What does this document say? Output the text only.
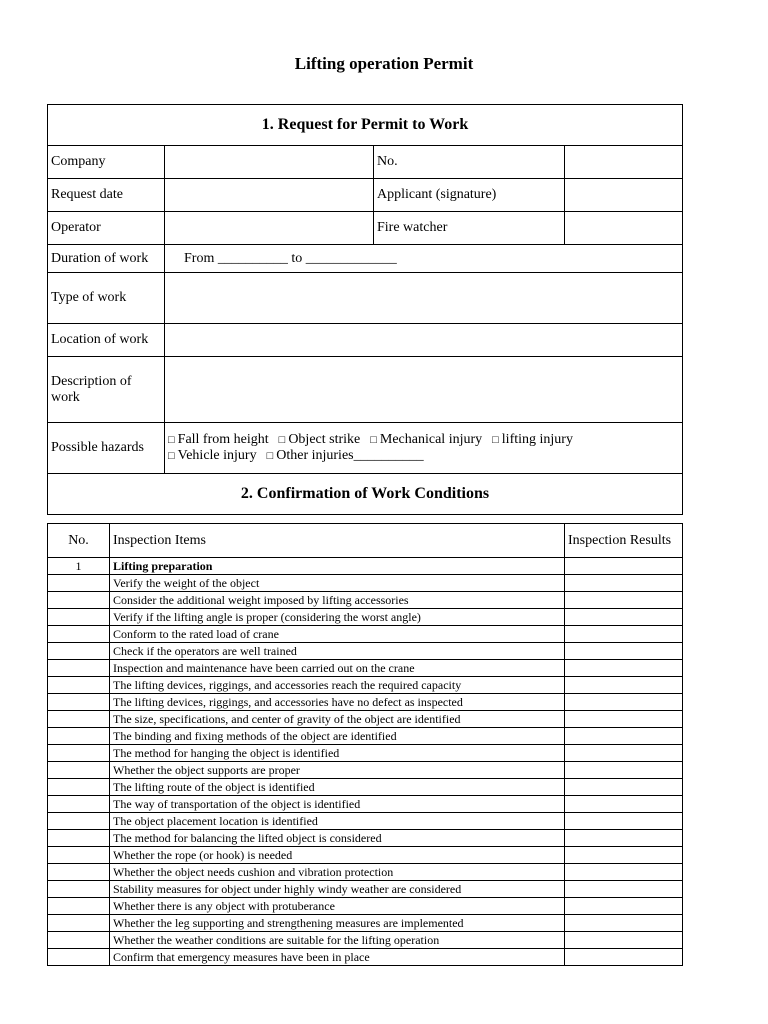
Lifting operation Permit
1. Request for Permit to Work			
Company		No.	
Request date		Applicant (signature)	
Operator		Fire watcher	
Duration of work	From __________ to _____________		
Type of work			
Location of work			
Description of work			
Possible hazards	□ Fall from height □ Object strike □ Mechanical injury □ lifting injury
□ Vehicle injury □ Other injuries__________		

2. Confirmation of Work Conditions			
No.	Inspection Items	Inspection Results
1	Lifting preparation	
	Verify the weight of the object	
	Consider the additional weight imposed by lifting accessories	
	Verify if the lifting angle is proper (considering the worst angle)	
	Conform to the rated load of crane	
	Check if the operators are well trained	
	Inspection and maintenance have been carried out on the crane	
	The lifting devices, riggings, and accessories reach the required capacity	
	The lifting devices, riggings, and accessories have no defect as inspected	
	The size, specifications, and center of gravity of the object are identified	
	The binding and fixing methods of the object are identified	
	The method for hanging the object is identified	
	Whether the object supports are proper	
	The lifting route of the object is identified	
	The way of transportation of the object is identified	
	The object placement location is identified	
	The method for balancing the lifted object is considered	
	Whether the rope (or hook) is needed	
	Whether the object needs cushion and vibration protection	
	Stability measures for object under highly windy weather are considered	
	Whether there is any object with protuberance	
	Whether the leg supporting and strengthening measures are implemented	
	Whether the weather conditions are suitable for the lifting operation	
	Confirm that emergency measures have been in place	
